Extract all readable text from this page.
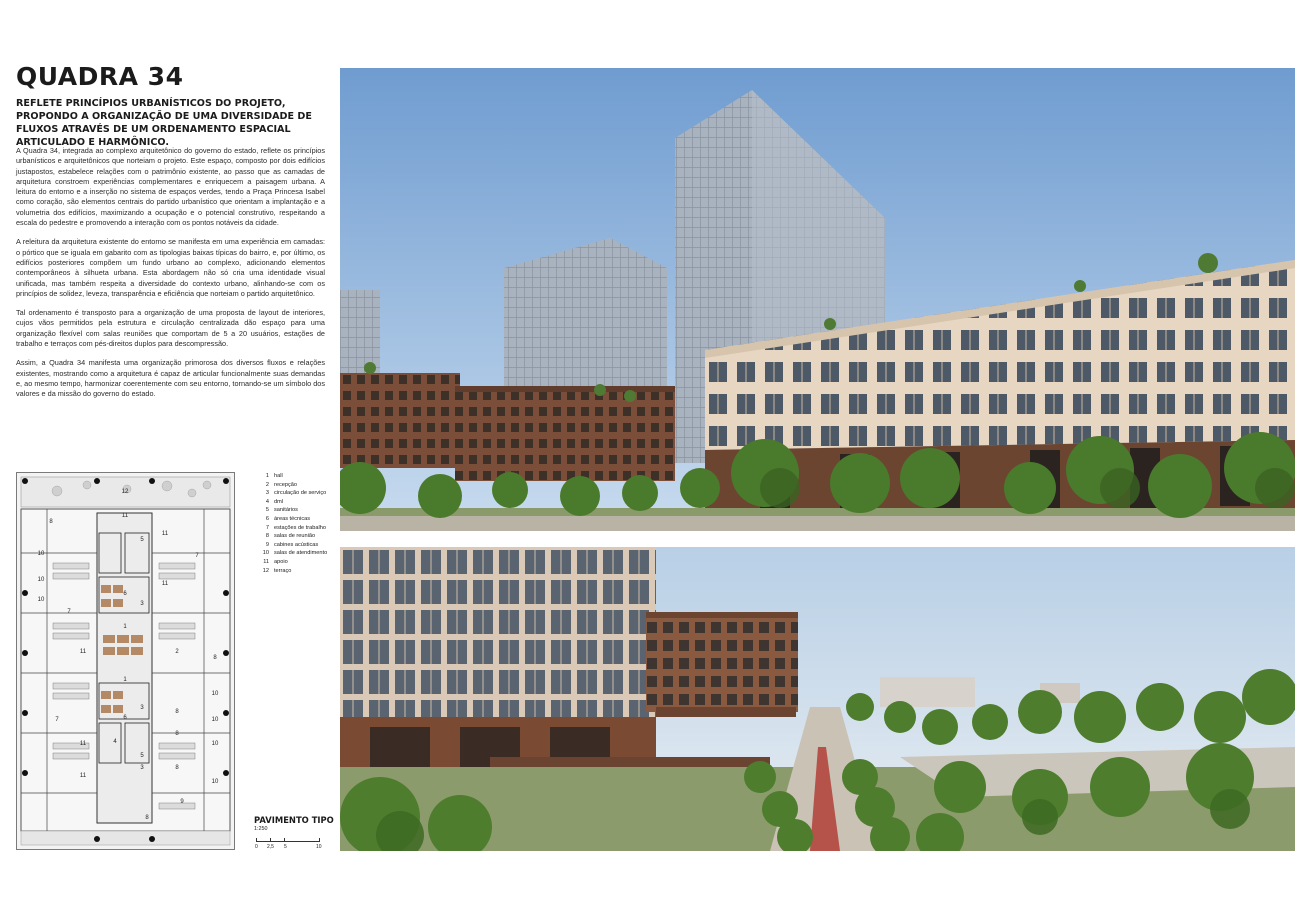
QUADRA 34
REFLETE PRINCÍPIOS URBANÍSTICOS DO PROJETO, PROPONDO A ORGANIZAÇÃO DE UMA DIVERSIDADE DE FLUXOS ATRAVÉS DE UM ORDENAMENTO ESPACIAL ARTICULADO E HARMÔNICO.

A Quadra 34, integrada ao complexo arquitetônico do governo do estado, reflete os princípios urbanísticos e arquitetônicos que norteiam o projeto. Este espaço, composto por dois edifícios justapostos, estabelece relações com o patrimônio existente, ao passo que as camadas de arquitetura constroem experiências complementares e enriquecem a paisagem urbana. A leitura do entorno e a inserção no sistema de espaços verdes, tendo a Praça Princesa Isabel como coração, são elementos centrais do partido urbanístico que orientam a implantação e a volumetria dos edifícios, maximizando a ocupação e o potencial construtivo, respeitando a escala do pedestre e promovendo a interação com os pontos notáveis da cidade.

A releitura da arquitetura existente do entorno se manifesta em uma experiência em camadas: o pórtico que se iguala em gabarito com as tipologias baixas típicas do bairro, e, por último, os edifícios posteriores compõem um fundo urbano ao complexo, adicionando elementos contemporâneos à silhueta urbana. Esta abordagem não só cria uma identidade visual unificada, mas também respeita a diversidade do contexto urbano, alinhando-se com os princípios de solidez, leveza, transparência e eficiência que norteiam o partido arquitetônico.

Tal ordenamento é transposto para a organização de uma proposta de layout de interiores, cujos vãos permitidos pela estrutura e circulação centralizada dão espaço para uma organização flexível com salas reuniões que comportam de 5 a 20 usuários, estações de trabalho e terraços com pés-direitos duplos para descompressão.

Assim, a Quadra 34 manifesta uma organização primorosa dos diversos fluxos e relações existentes, mostrando como a arquitetura é capaz de articular funcionalmente suas demandas e, ao mesmo tempo, harmonizar coerentemente com seu entorno, tornando-se um símbolo dos valores e da missão do governo do estado.

12
8
11
11
5
10
10
10
11
6
3
7
7
1
2
1
6
3
11
8
10
10
10
4
5
11
8
8
9
8
7
11
3
8
10
1 hall
2 recepção
3 circulação de serviço
4 dml
5 sanitários
6 áreas técnicas
7 estações de trabalho
8 salas de reunião
9 cabines acústicas
10 salas de atendimento
11 apoio
12 terraço
PAVIMENTO TIPO
1:250
0 2,5 5	10
